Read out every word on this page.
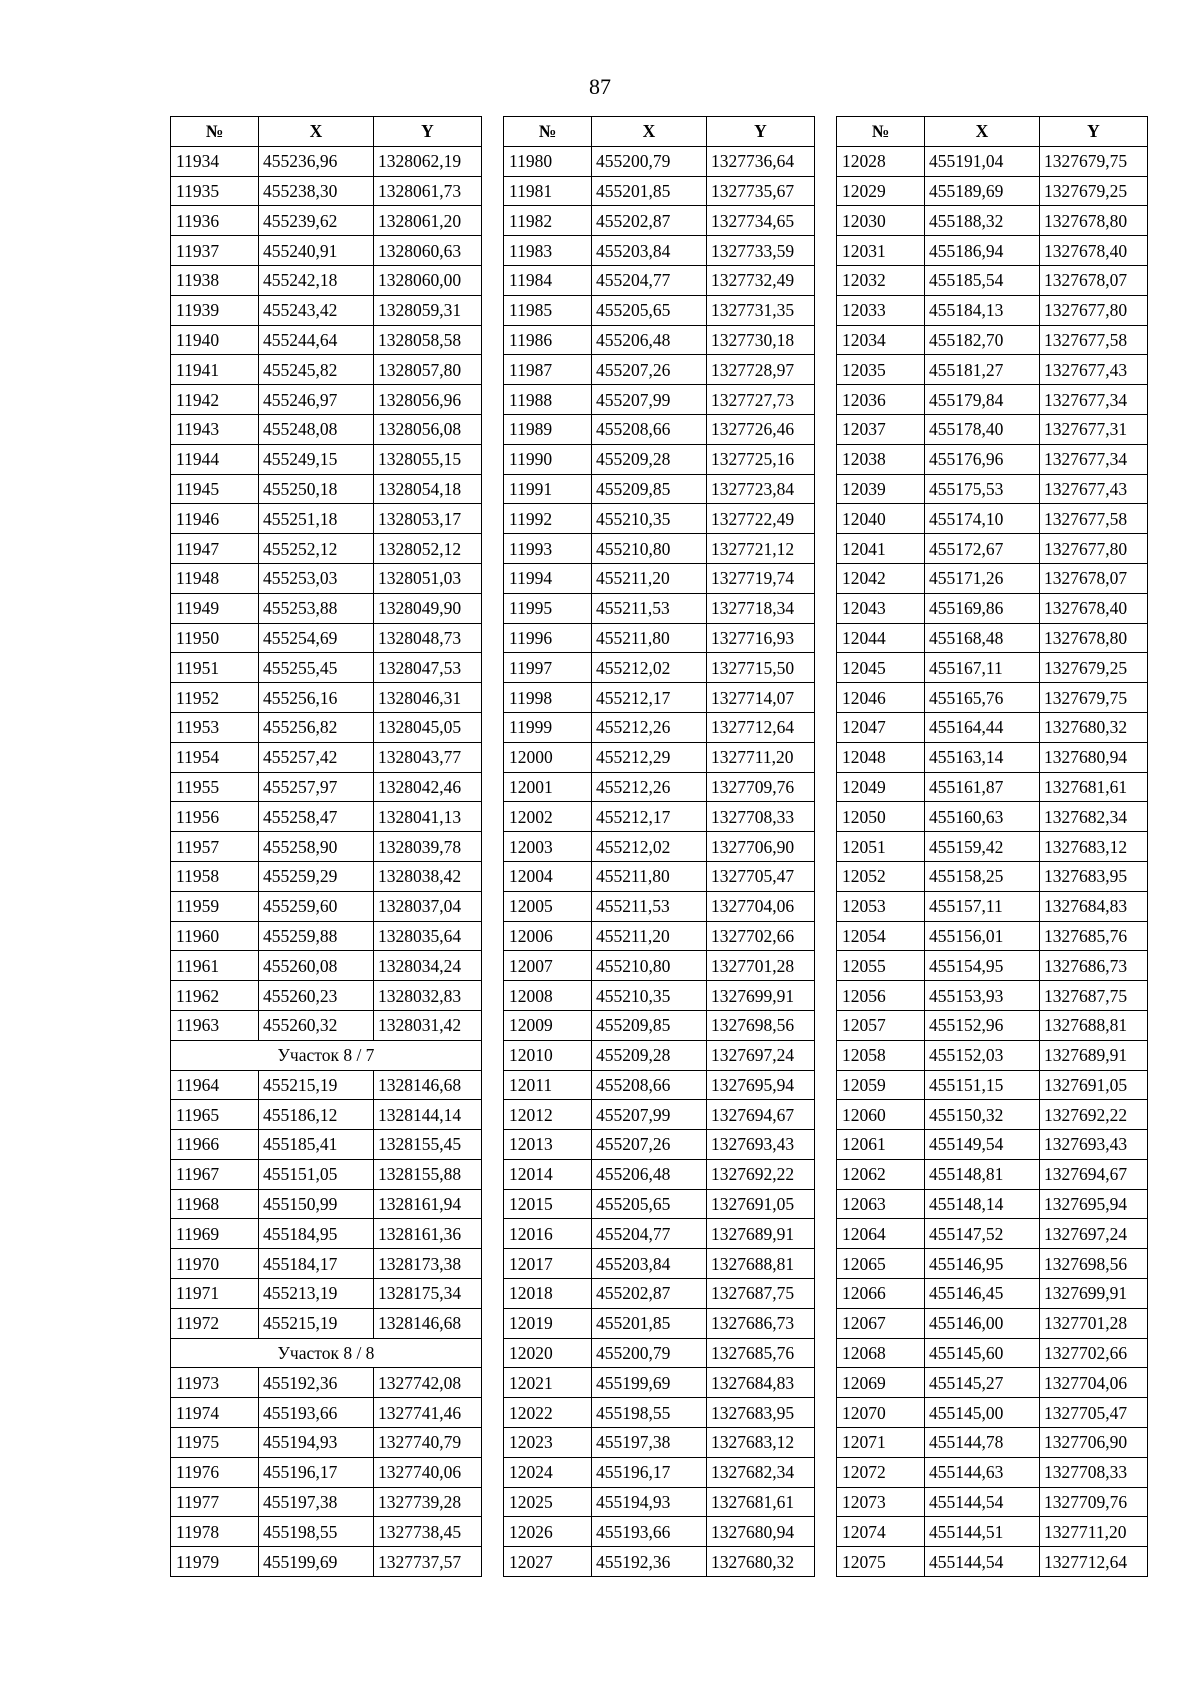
87
№	X	Y
11934	455236,96	1328062,19
11935	455238,30	1328061,73
11936	455239,62	1328061,20
11937	455240,91	1328060,63
11938	455242,18	1328060,00
11939	455243,42	1328059,31
11940	455244,64	1328058,58
11941	455245,82	1328057,80
11942	455246,97	1328056,96
11943	455248,08	1328056,08
11944	455249,15	1328055,15
11945	455250,18	1328054,18
11946	455251,18	1328053,17
11947	455252,12	1328052,12
11948	455253,03	1328051,03
11949	455253,88	1328049,90
11950	455254,69	1328048,73
11951	455255,45	1328047,53
11952	455256,16	1328046,31
11953	455256,82	1328045,05
11954	455257,42	1328043,77
11955	455257,97	1328042,46
11956	455258,47	1328041,13
11957	455258,90	1328039,78
11958	455259,29	1328038,42
11959	455259,60	1328037,04
11960	455259,88	1328035,64
11961	455260,08	1328034,24
11962	455260,23	1328032,83
11963	455260,32	1328031,42
Участок 8 / 7		
11964	455215,19	1328146,68
11965	455186,12	1328144,14
11966	455185,41	1328155,45
11967	455151,05	1328155,88
11968	455150,99	1328161,94
11969	455184,95	1328161,36
11970	455184,17	1328173,38
11971	455213,19	1328175,34
11972	455215,19	1328146,68
Участок 8 / 8		
11973	455192,36	1327742,08
11974	455193,66	1327741,46
11975	455194,93	1327740,79
11976	455196,17	1327740,06
11977	455197,38	1327739,28
11978	455198,55	1327738,45
11979	455199,69	1327737,57
№	X	Y
11980	455200,79	1327736,64
11981	455201,85	1327735,67
11982	455202,87	1327734,65
11983	455203,84	1327733,59
11984	455204,77	1327732,49
11985	455205,65	1327731,35
11986	455206,48	1327730,18
11987	455207,26	1327728,97
11988	455207,99	1327727,73
11989	455208,66	1327726,46
11990	455209,28	1327725,16
11991	455209,85	1327723,84
11992	455210,35	1327722,49
11993	455210,80	1327721,12
11994	455211,20	1327719,74
11995	455211,53	1327718,34
11996	455211,80	1327716,93
11997	455212,02	1327715,50
11998	455212,17	1327714,07
11999	455212,26	1327712,64
12000	455212,29	1327711,20
12001	455212,26	1327709,76
12002	455212,17	1327708,33
12003	455212,02	1327706,90
12004	455211,80	1327705,47
12005	455211,53	1327704,06
12006	455211,20	1327702,66
12007	455210,80	1327701,28
12008	455210,35	1327699,91
12009	455209,85	1327698,56
12010	455209,28	1327697,24
12011	455208,66	1327695,94
12012	455207,99	1327694,67
12013	455207,26	1327693,43
12014	455206,48	1327692,22
12015	455205,65	1327691,05
12016	455204,77	1327689,91
12017	455203,84	1327688,81
12018	455202,87	1327687,75
12019	455201,85	1327686,73
12020	455200,79	1327685,76
12021	455199,69	1327684,83
12022	455198,55	1327683,95
12023	455197,38	1327683,12
12024	455196,17	1327682,34
12025	455194,93	1327681,61
12026	455193,66	1327680,94
12027	455192,36	1327680,32
№	X	Y
12028	455191,04	1327679,75
12029	455189,69	1327679,25
12030	455188,32	1327678,80
12031	455186,94	1327678,40
12032	455185,54	1327678,07
12033	455184,13	1327677,80
12034	455182,70	1327677,58
12035	455181,27	1327677,43
12036	455179,84	1327677,34
12037	455178,40	1327677,31
12038	455176,96	1327677,34
12039	455175,53	1327677,43
12040	455174,10	1327677,58
12041	455172,67	1327677,80
12042	455171,26	1327678,07
12043	455169,86	1327678,40
12044	455168,48	1327678,80
12045	455167,11	1327679,25
12046	455165,76	1327679,75
12047	455164,44	1327680,32
12048	455163,14	1327680,94
12049	455161,87	1327681,61
12050	455160,63	1327682,34
12051	455159,42	1327683,12
12052	455158,25	1327683,95
12053	455157,11	1327684,83
12054	455156,01	1327685,76
12055	455154,95	1327686,73
12056	455153,93	1327687,75
12057	455152,96	1327688,81
12058	455152,03	1327689,91
12059	455151,15	1327691,05
12060	455150,32	1327692,22
12061	455149,54	1327693,43
12062	455148,81	1327694,67
12063	455148,14	1327695,94
12064	455147,52	1327697,24
12065	455146,95	1327698,56
12066	455146,45	1327699,91
12067	455146,00	1327701,28
12068	455145,60	1327702,66
12069	455145,27	1327704,06
12070	455145,00	1327705,47
12071	455144,78	1327706,90
12072	455144,63	1327708,33
12073	455144,54	1327709,76
12074	455144,51	1327711,20
12075	455144,54	1327712,64
